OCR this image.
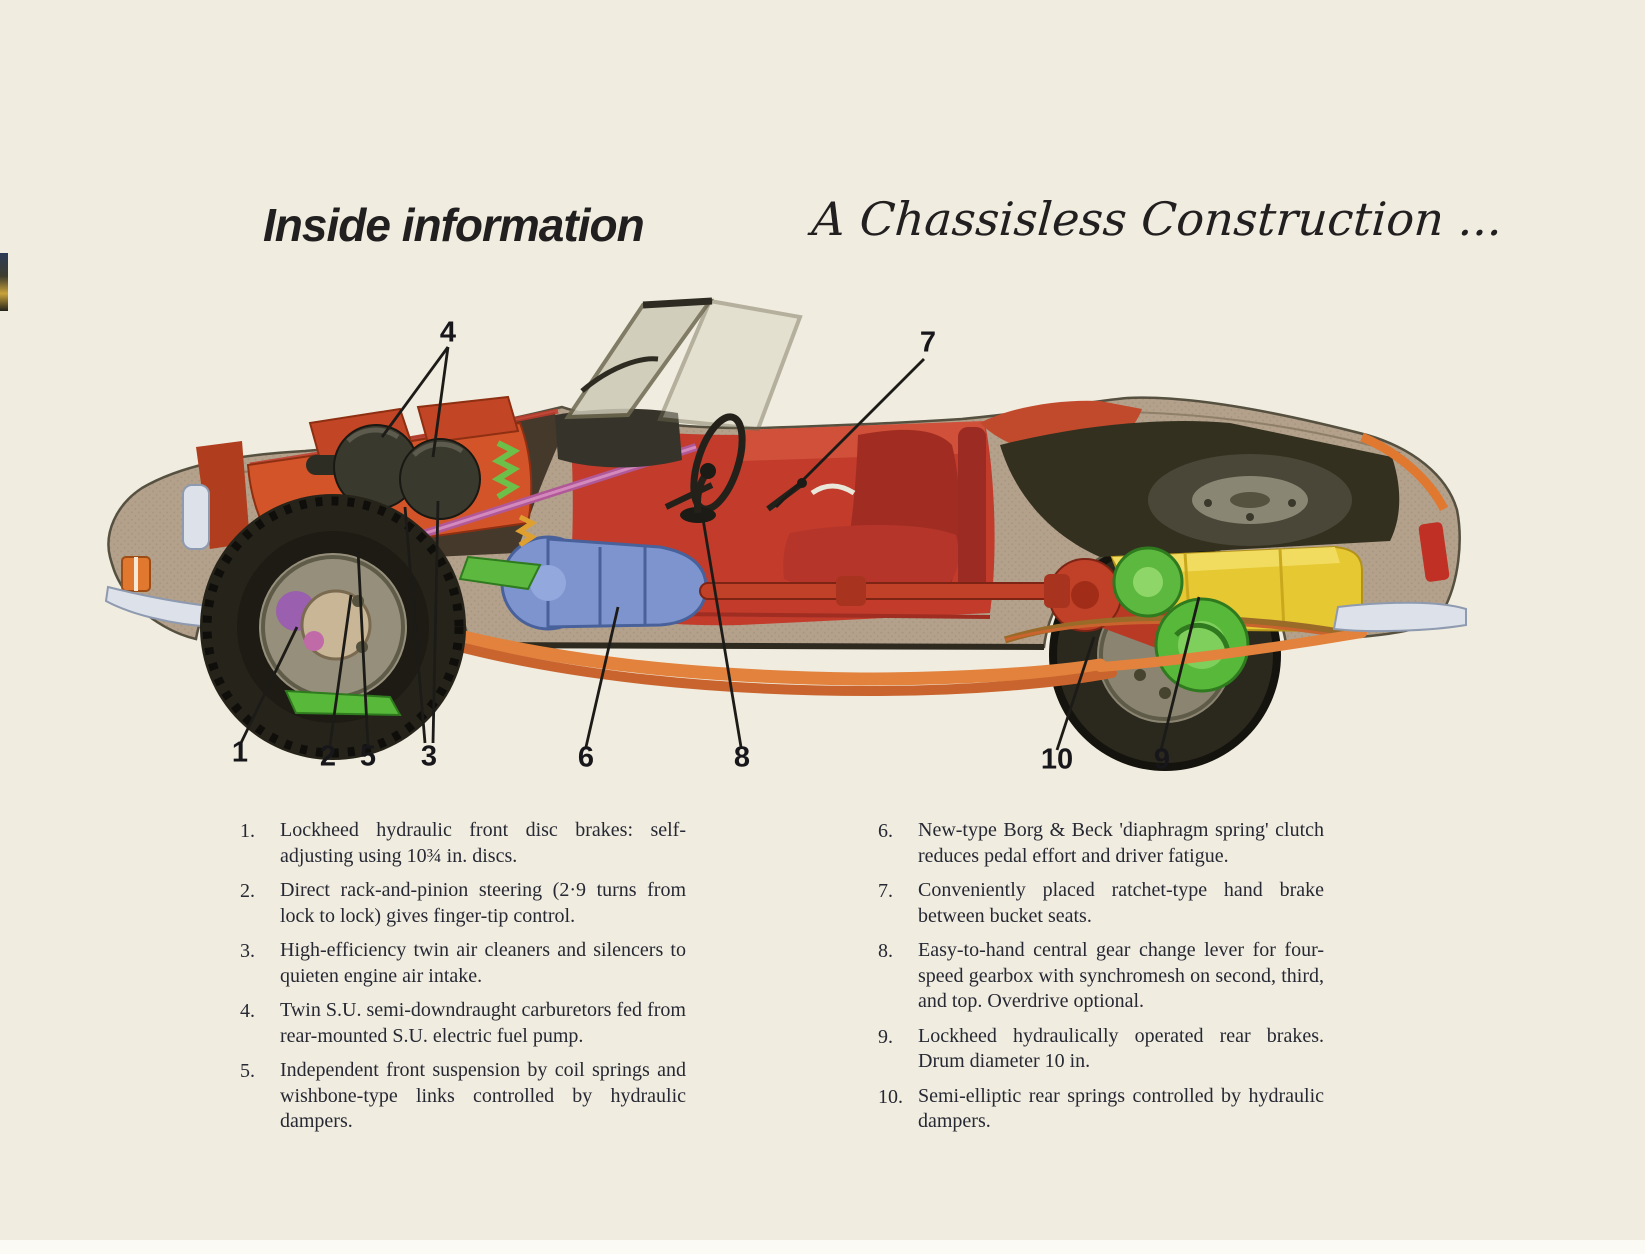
Inside information	A Chassisless Construction ...
1 2	3
4
5	6
7
8	9
10
1.	Lockheed hydraulic front disc brakes: self-adjusting using 10¾ in. discs.
2.	Direct rack-and-pinion steering (2·9 turns from lock to lock) gives finger-tip control.
3.	High-efficiency twin air cleaners and silencers to quieten engine air intake.
4.	Twin S.U. semi-downdraught carburetors fed from rear-mounted S.U. electric fuel pump.
5.	Independent front suspension by coil springs and wishbone-type links controlled by hydraulic dampers.
6.	New-type Borg & Beck 'diaphragm spring' clutch reduces pedal effort and driver fatigue.
7.	Conveniently placed ratchet-type hand brake between bucket seats.
8.	Easy-to-hand central gear change lever for four-speed gearbox with synchromesh on second, third, and top. Overdrive optional.
9.	Lockheed hydraulically operated rear brakes. Drum diameter 10 in.
10. Semi-elliptic rear springs controlled by hydraulic dampers.
